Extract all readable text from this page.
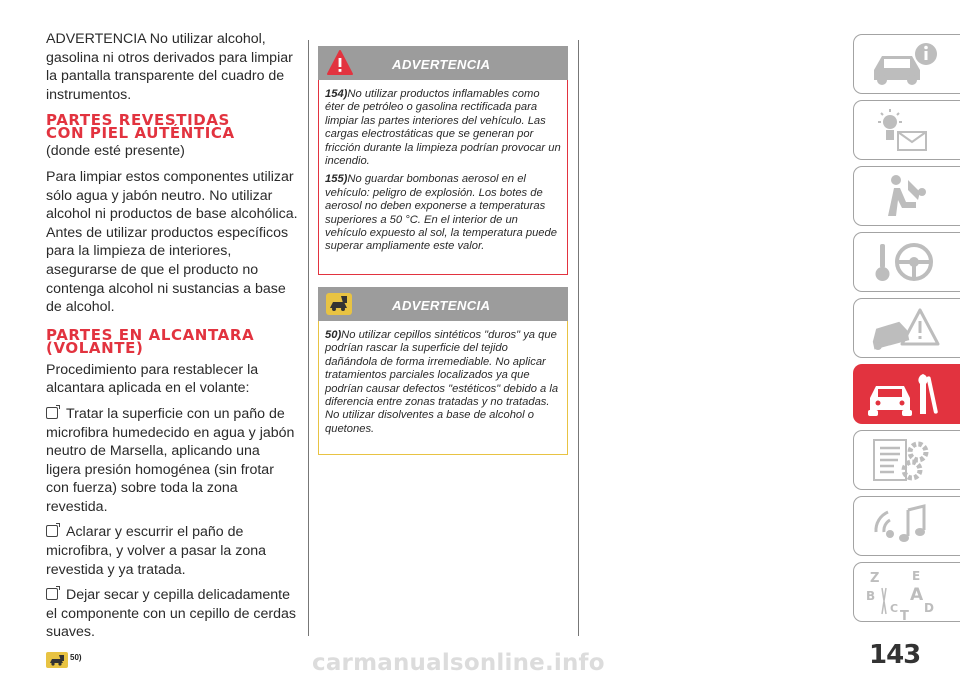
ADVERTENCIA No utilizar alcohol, gasolina ni otros derivados para limpiar la pantalla transparente del cuadro de instrumentos.

PARTES REVESTIDAS
CON PIEL AUTÉNTICA

(donde esté presente)

Para limpiar estos componentes utilizar sólo agua y jabón neutro. No utilizar alcohol ni productos de base alcohólica. Antes de utilizar productos específicos para la limpieza de interiores, asegurarse de que el producto no contenga alcohol ni sustancias a base de alcohol.

PARTES EN ALCANTARA
(VOLANTE)

Procedimiento para restablecer la alcantara aplicada en el volante:

Tratar la superficie con un paño de microfibra humedecido en agua y jabón neutro de Marsella, aplicando una ligera presión homogénea (sin frotar con fuerza) sobre toda la zona revestida.

Aclarar y escurrir el paño de microfibra, y volver a pasar la zona revestida y ya tratada.

Dejar secar y cepilla delicadamente el componente con un cepillo de cerdas suaves.

50)
ADVERTENCIA

154)No utilizar productos inflamables como éter de petróleo o gasolina rectificada para limpiar las partes interiores del vehículo. Las cargas electrostáticas que se generan por fricción durante la limpieza podrían provocar un incendio.

155)No guardar bombonas aerosol en el vehículo: peligro de explosión. Los botes de aerosol no deben exponerse a temperaturas superiores a 50 °C. En el interior de un vehículo expuesto al sol, la temperatura puede superar ampliamente este valor.

ADVERTENCIA

50)No utilizar cepillos sintéticos "duros" ya que podrían rascar la superficie del tejido dañándola de forma irremediable. No aplicar tratamientos parciales localizados ya que podrían causar defectos "estéticos" debido a la diferencia entre zonas tratadas y no tratadas. No utilizar disolventes a base de alcohol o quetones.

Z	E
B A
C D
T
143
carmanualsonline.info
